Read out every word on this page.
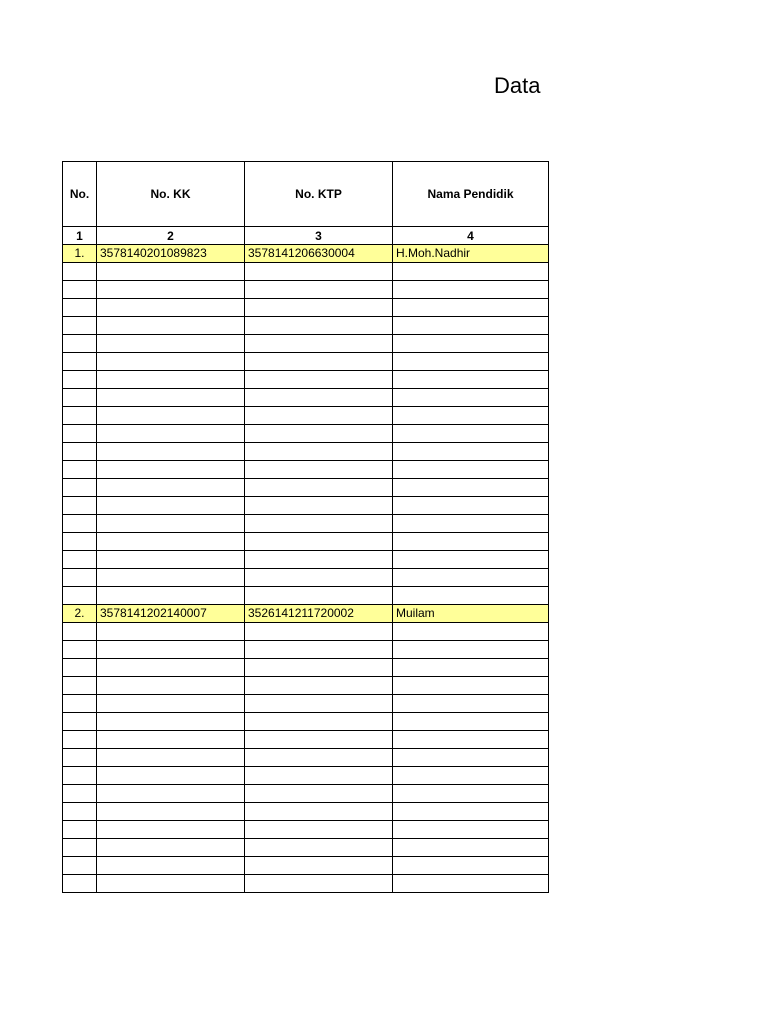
Data
No.	No. KK	No. KTP	Nama Pendidik
1	2	3	4
1.	3578140201089823	3578141206630004	H.Moh.Nadhir

2.	3578141202140007	3526141211720002	Muilam
